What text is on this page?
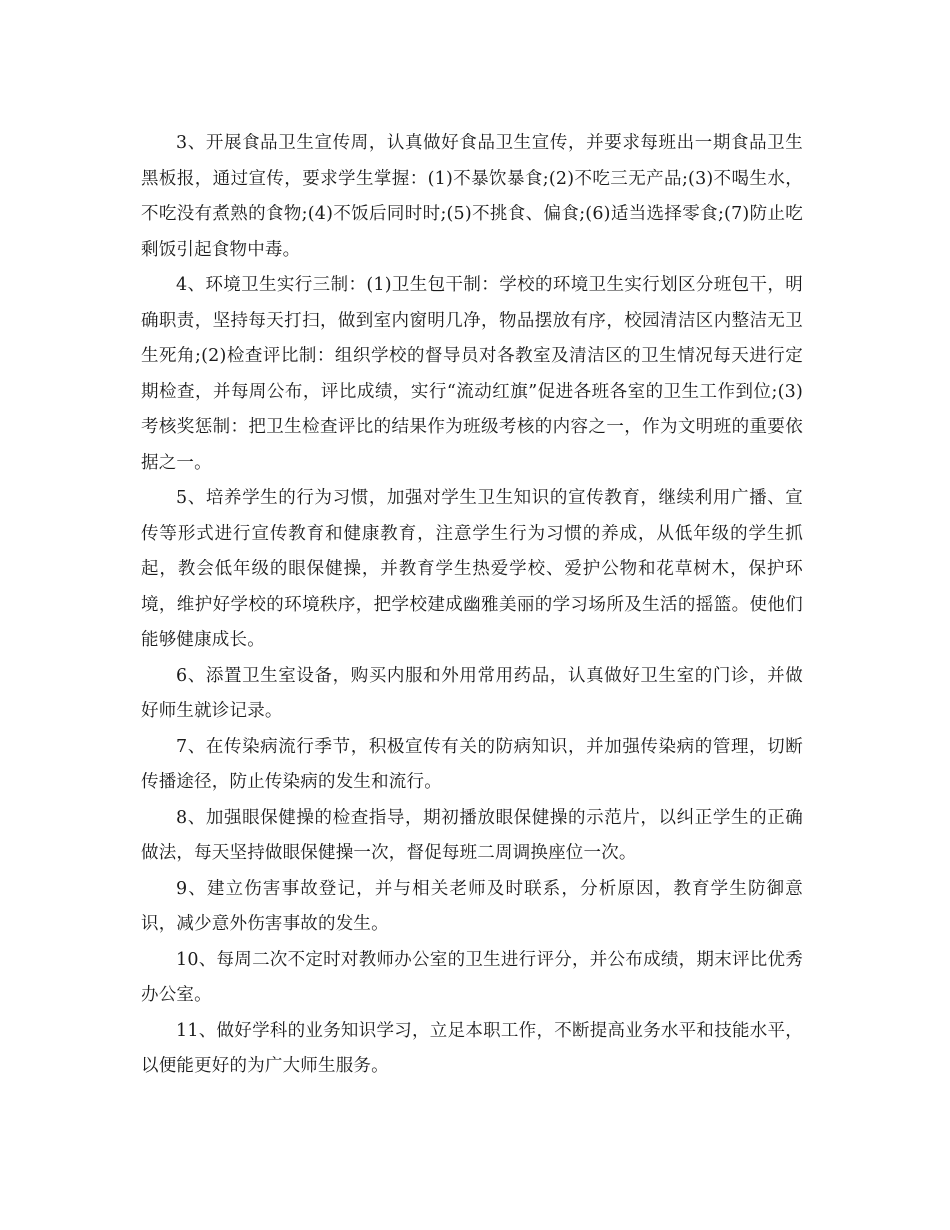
3、开展食品卫生宣传周，认真做好食品卫生宣传，并要求每班出一期食品卫生黑板报，通过宣传，要求学生掌握：(1)不暴饮暴食;(2)不吃三无产品;(3)不喝生水，不吃没有煮熟的食物;(4)不饭后同时时;(5)不挑食、偏食;(6)适当选择零食;(7)防止吃剩饭引起食物中毒。

4、环境卫生实行三制：(1)卫生包干制：学校的环境卫生实行划区分班包干，明确职责，坚持每天打扫，做到室内窗明几净，物品摆放有序，校园清洁区内整洁无卫生死角;(2)检查评比制：组织学校的督导员对各教室及清洁区的卫生情况每天进行定期检查，并每周公布，评比成绩，实行“流动红旗”促进各班各室的卫生工作到位;(3)考核奖惩制：把卫生检查评比的结果作为班级考核的内容之一，作为文明班的重要依据之一。

5、培养学生的行为习惯，加强对学生卫生知识的宣传教育，继续利用广播、宣传等形式进行宣传教育和健康教育，注意学生行为习惯的养成，从低年级的学生抓起，教会低年级的眼保健操，并教育学生热爱学校、爱护公物和花草树木，保护环境，维护好学校的环境秩序，把学校建成幽雅美丽的学习场所及生活的摇篮。使他们能够健康成长。

6、添置卫生室设备，购买内服和外用常用药品，认真做好卫生室的门诊，并做好师生就诊记录。

7、在传染病流行季节，积极宣传有关的防病知识，并加强传染病的管理，切断传播途径，防止传染病的发生和流行。

8、加强眼保健操的检查指导，期初播放眼保健操的示范片，以纠正学生的正确做法，每天坚持做眼保健操一次，督促每班二周调换座位一次。

9、建立伤害事故登记，并与相关老师及时联系，分析原因，教育学生防御意识，减少意外伤害事故的发生。

10、每周二次不定时对教师办公室的卫生进行评分，并公布成绩，期末评比优秀办公室。

11、做好学科的业务知识学习，立足本职工作，不断提高业务水平和技能水平，以便能更好的为广大师生服务。
